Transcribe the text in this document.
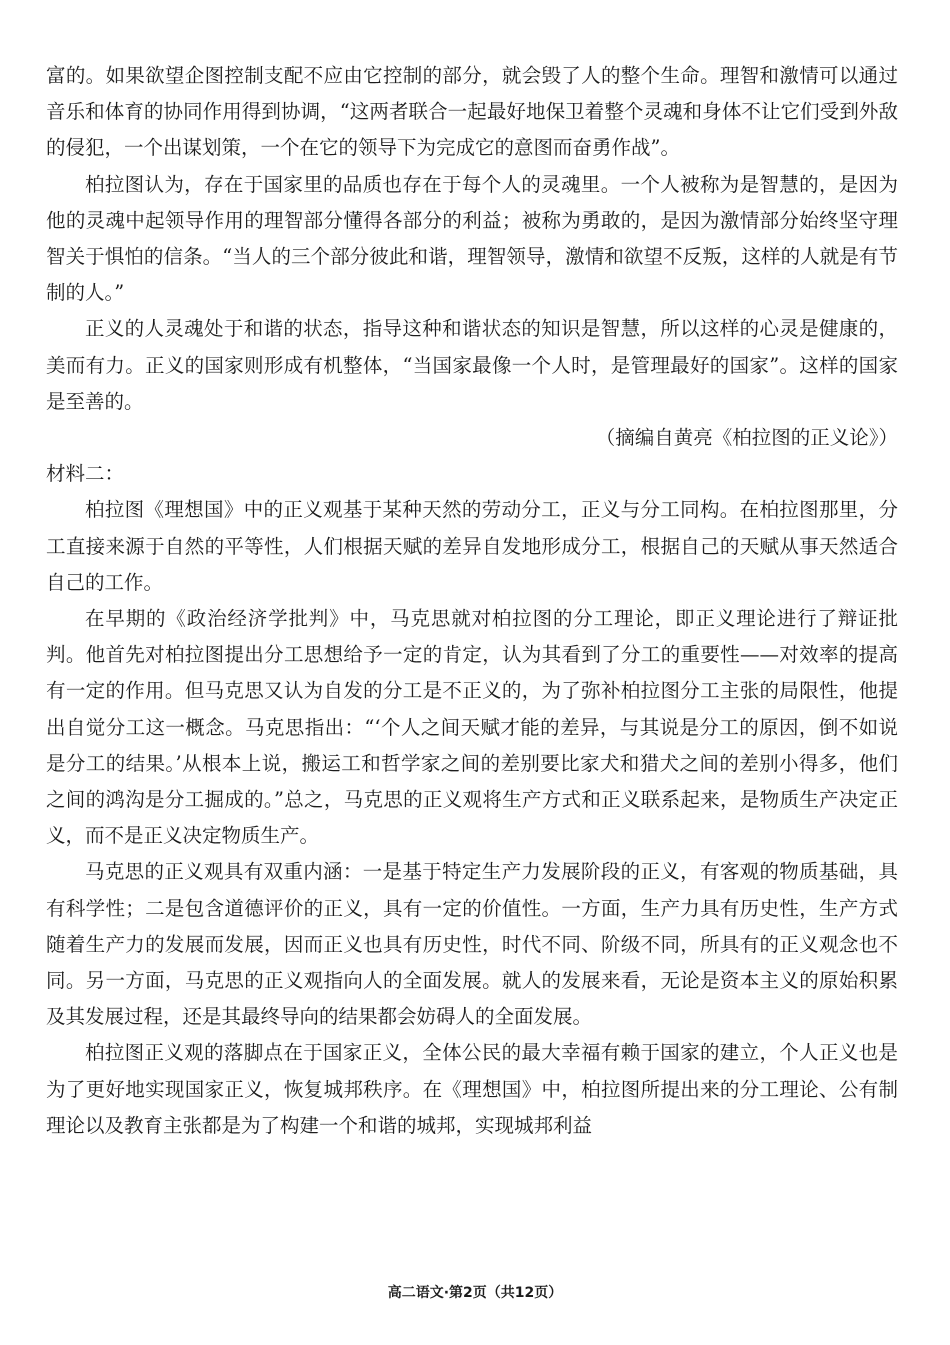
富的。如果欲望企图控制支配不应由它控制的部分，就会毁了人的整个生命。理智和激情可以通过音乐和体育的协同作用得到协调，“这两者联合一起最好地保卫着整个灵魂和身体不让它们受到外敌的侵犯，一个出谋划策，一个在它的领导下为完成它的意图而奋勇作战”。

柏拉图认为，存在于国家里的品质也存在于每个人的灵魂里。一个人被称为是智慧的，是因为他的灵魂中起领导作用的理智部分懂得各部分的利益；被称为勇敢的，是因为激情部分始终坚守理智关于惧怕的信条。“当人的三个部分彼此和谐，理智领导，激情和欲望不反叛，这样的人就是有节制的人。”

正义的人灵魂处于和谐的状态，指导这种和谐状态的知识是智慧，所以这样的心灵是健康的，美而有力。正义的国家则形成有机整体，“当国家最像一个人时，是管理最好的国家”。这样的国家是至善的。

（摘编自黄亮《柏拉图的正义论》）

材料二：

柏拉图《理想国》中的正义观基于某种天然的劳动分工，正义与分工同构。在柏拉图那里，分工直接来源于自然的平等性，人们根据天赋的差异自发地形成分工，根据自己的天赋从事天然适合自己的工作。

在早期的《政治经济学批判》中，马克思就对柏拉图的分工理论，即正义理论进行了辩证批判。他首先对柏拉图提出分工思想给予一定的肯定，认为其看到了分工的重要性——对效率的提高有一定的作用。但马克思又认为自发的分工是不正义的，为了弥补柏拉图分工主张的局限性，他提出自觉分工这一概念。马克思指出：“‘个人之间天赋才能的差异，与其说是分工的原因，倒不如说是分工的结果。’从根本上说，搬运工和哲学家之间的差别要比家犬和猎犬之间的差别小得多，他们之间的鸿沟是分工掘成的。”总之，马克思的正义观将生产方式和正义联系起来，是物质生产决定正义，而不是正义决定物质生产。

马克思的正义观具有双重内涵：一是基于特定生产力发展阶段的正义，有客观的物质基础，具有科学性；二是包含道德评价的正义，具有一定的价值性。一方面，生产力具有历史性，生产方式随着生产力的发展而发展，因而正义也具有历史性，时代不同、阶级不同，所具有的正义观念也不同。另一方面，马克思的正义观指向人的全面发展。就人的发展来看，无论是资本主义的原始积累及其发展过程，还是其最终导向的结果都会妨碍人的全面发展。

柏拉图正义观的落脚点在于国家正义，全体公民的最大幸福有赖于国家的建立，个人正义也是为了更好地实现国家正义，恢复城邦秩序。在《理想国》中，柏拉图所提出来的分工理论、公有制理论以及教育主张都是为了构建一个和谐的城邦，实现城邦利益

高二语文·第2页（共12页）
